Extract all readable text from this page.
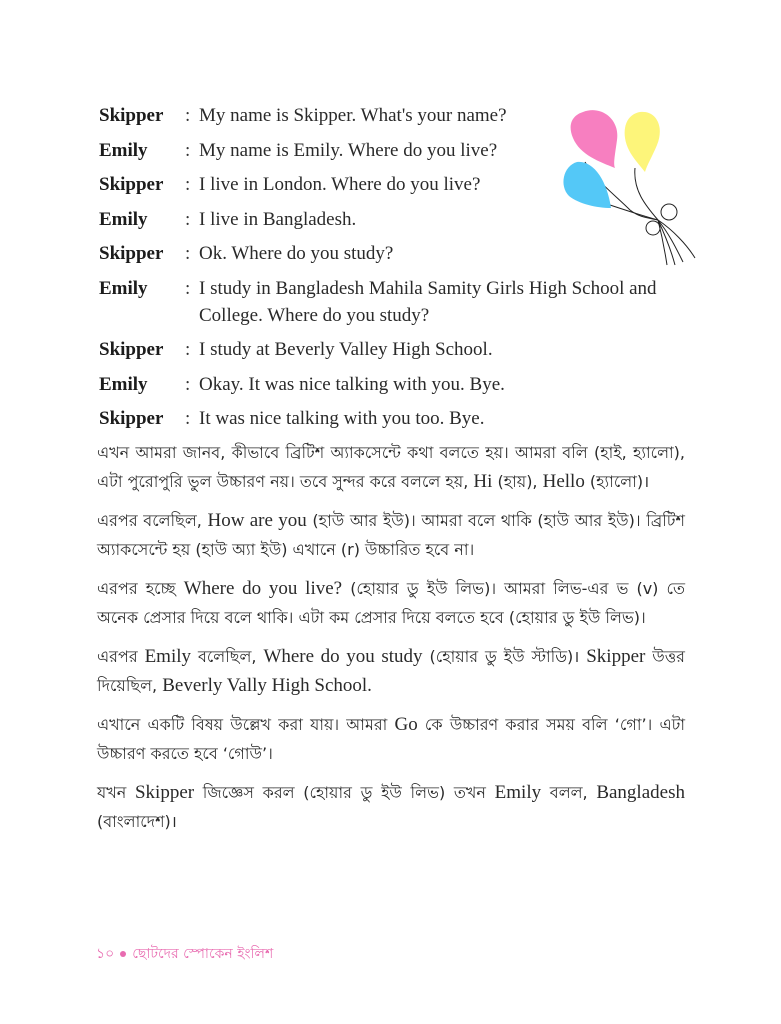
Skipper	: My name is Skipper. What's your name?
Emily	: My name is Emily. Where do you live?
Skipper	: I live in London. Where do you live?
Emily	: I live in Bangladesh.
Skipper	: Ok. Where do you study?
Emily	: I study in Bangladesh Mahila Samity Girls High School and College. Where do you study?
Skipper	: I study at Beverly Valley High School.
Emily	: Okay. It was nice talking with you. Bye.
Skipper	: It was nice talking with you too. Bye.

এখন আমরা জানব, কীভাবে ব্রিটিশ অ্যাকসেন্টে কথা বলতে হয়। আমরা বলি (হাই, হ্যালো), এটা পুরোপুরি ভুল উচ্চারণ নয়। তবে সুন্দর করে বললে হয়, Hi (হায়), Hello (হ্যালো)।

এরপর বলেছিল, How are you (হাউ আর ইউ)। আমরা বলে থাকি (হাউ আর ইউ)। ব্রিটিশ অ্যাকসেন্টে হয় (হাউ অ্যা ইউ) এখানে (r) উচ্চারিত হবে না।

এরপর হচ্ছে Where do you live? (হোয়ার ডু ইউ লিভ)। আমরা লিভ-এর ভ (v) তে অনেক প্রেসার দিয়ে বলে থাকি। এটা কম প্রেসার দিয়ে বলতে হবে (হোয়ার ডু ইউ লিভ)।

এরপর Emily বলেছিল, Where do you study (হোয়ার ডু ইউ স্টাডি)। Skipper উত্তর দিয়েছিল, Beverly Vally High School.

এখানে একটি বিষয় উল্লেখ করা যায়। আমরা Go কে উচ্চারণ করার সময় বলি ‘গো’। এটা উচ্চারণ করতে হবে ‘গোউ’।

যখন Skipper জিজ্ঞেস করল (হোয়ার ডু ইউ লিভ) তখন Emily বলল, Bangladesh (বাংলাদেশ)।

১০ ছোটদের স্পোকেন ইংলিশ
